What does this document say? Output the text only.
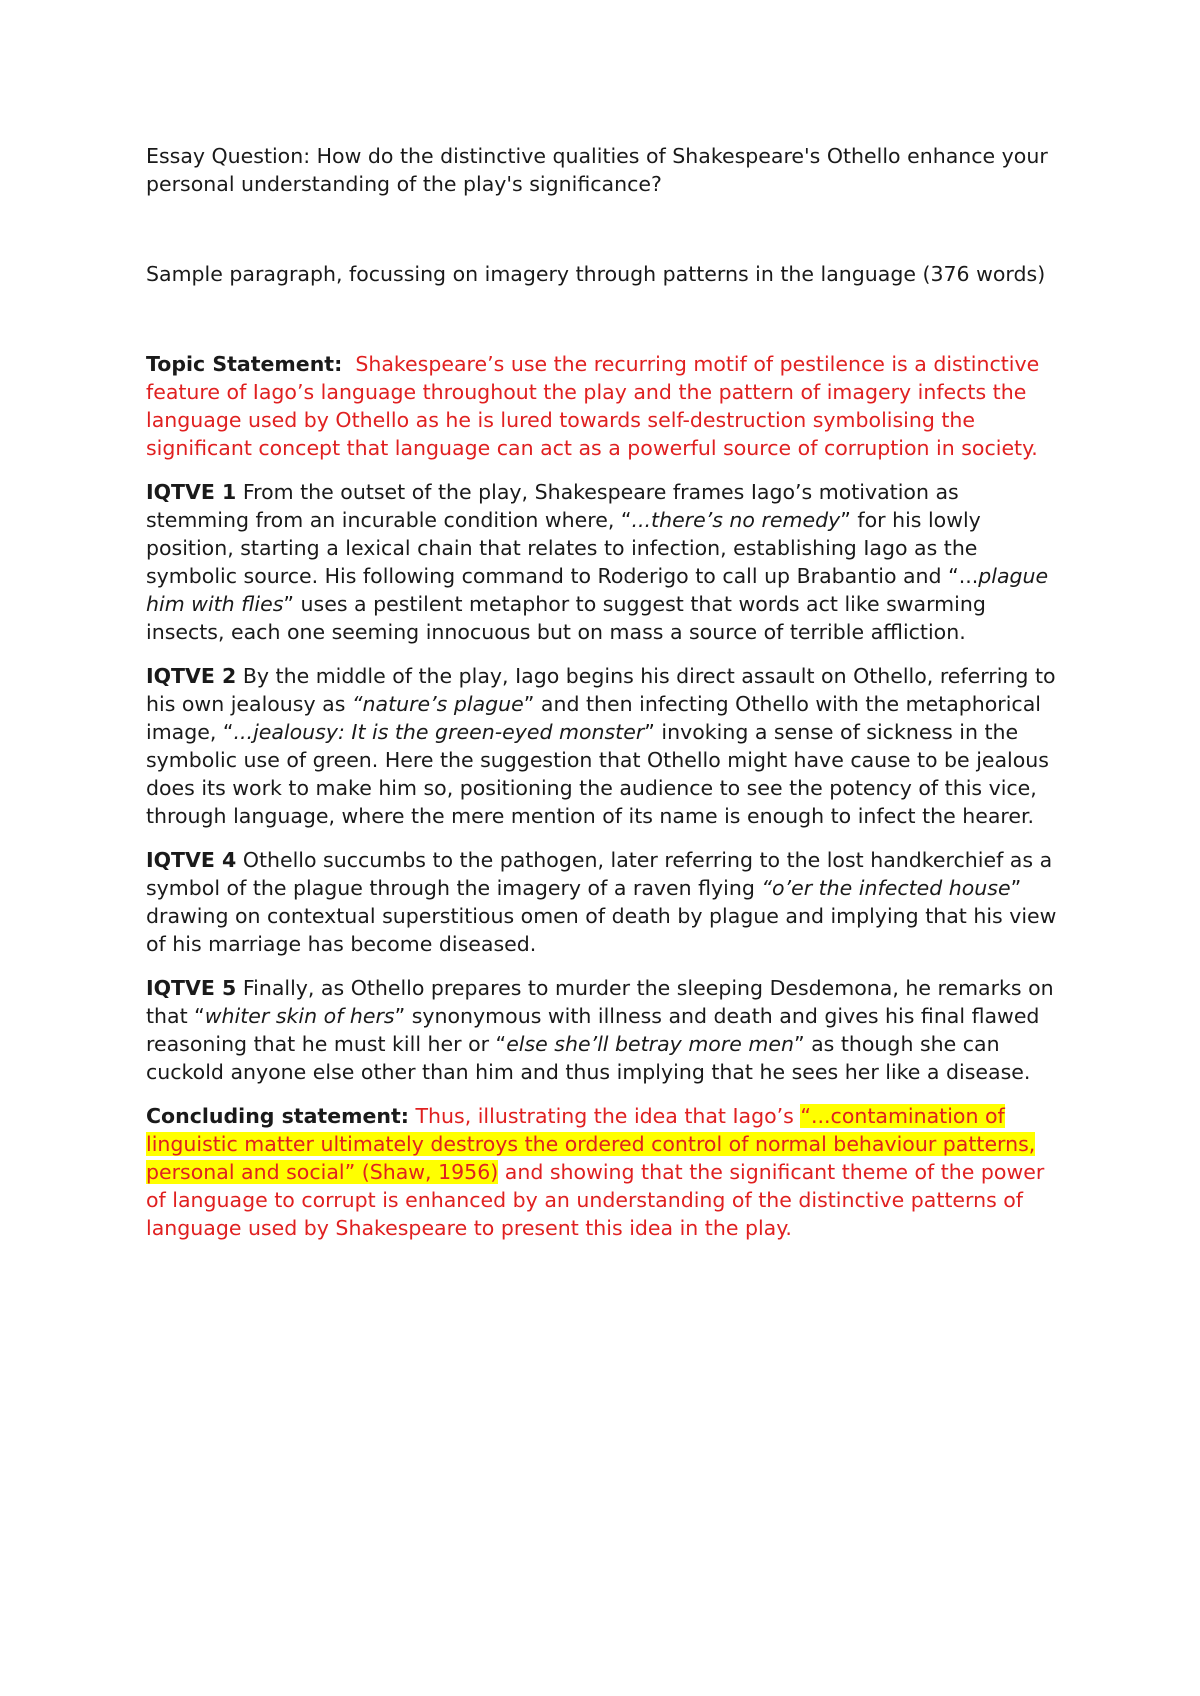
Essay Question: How do the distinctive qualities of Shakespeare's Othello enhance your personal understanding of the play's significance?

Sample paragraph, focussing on imagery through patterns in the language (376 words)

Topic Statement: Shakespeare’s use the recurring motif of pestilence is a distinctive feature of Iago’s language throughout the play and the pattern of imagery infects the language used by Othello as he is lured towards self-destruction symbolising the significant concept that language can act as a powerful source of corruption in society.

IQTVE 1 From the outset of the play, Shakespeare frames Iago’s motivation as stemming from an incurable condition where, “...there’s no remedy” for his lowly position, starting a lexical chain that relates to infection, establishing Iago as the symbolic source. His following command to Roderigo to call up Brabantio and “...plague him with flies” uses a pestilent metaphor to suggest that words act like swarming insects, each one seeming innocuous but on mass a source of terrible affliction.

IQTVE 2 By the middle of the play, Iago begins his direct assault on Othello, referring to his own jealousy as “nature’s plague” and then infecting Othello with the metaphorical image, “...jealousy: It is the green-eyed monster” invoking a sense of sickness in the symbolic use of green. Here the suggestion that Othello might have cause to be jealous does its work to make him so, positioning the audience to see the potency of this vice, through language, where the mere mention of its name is enough to infect the hearer.

IQTVE 4 Othello succumbs to the pathogen, later referring to the lost handkerchief as a symbol of the plague through the imagery of a raven flying “o’er the infected house” drawing on contextual superstitious omen of death by plague and implying that his view of his marriage has become diseased.

IQTVE 5 Finally, as Othello prepares to murder the sleeping Desdemona, he remarks on that “whiter skin of hers” synonymous with illness and death and gives his final flawed reasoning that he must kill her or “else she’ll betray more men” as though she can cuckold anyone else other than him and thus implying that he sees her like a disease.

Concluding statement: Thus, illustrating the idea that Iago’s “...contamination of linguistic matter ultimately destroys the ordered control of normal behaviour patterns, personal and social” (Shaw, 1956) and showing that the significant theme of the power of language to corrupt is enhanced by an understanding of the distinctive patterns of language used by Shakespeare to present this idea in the play.
